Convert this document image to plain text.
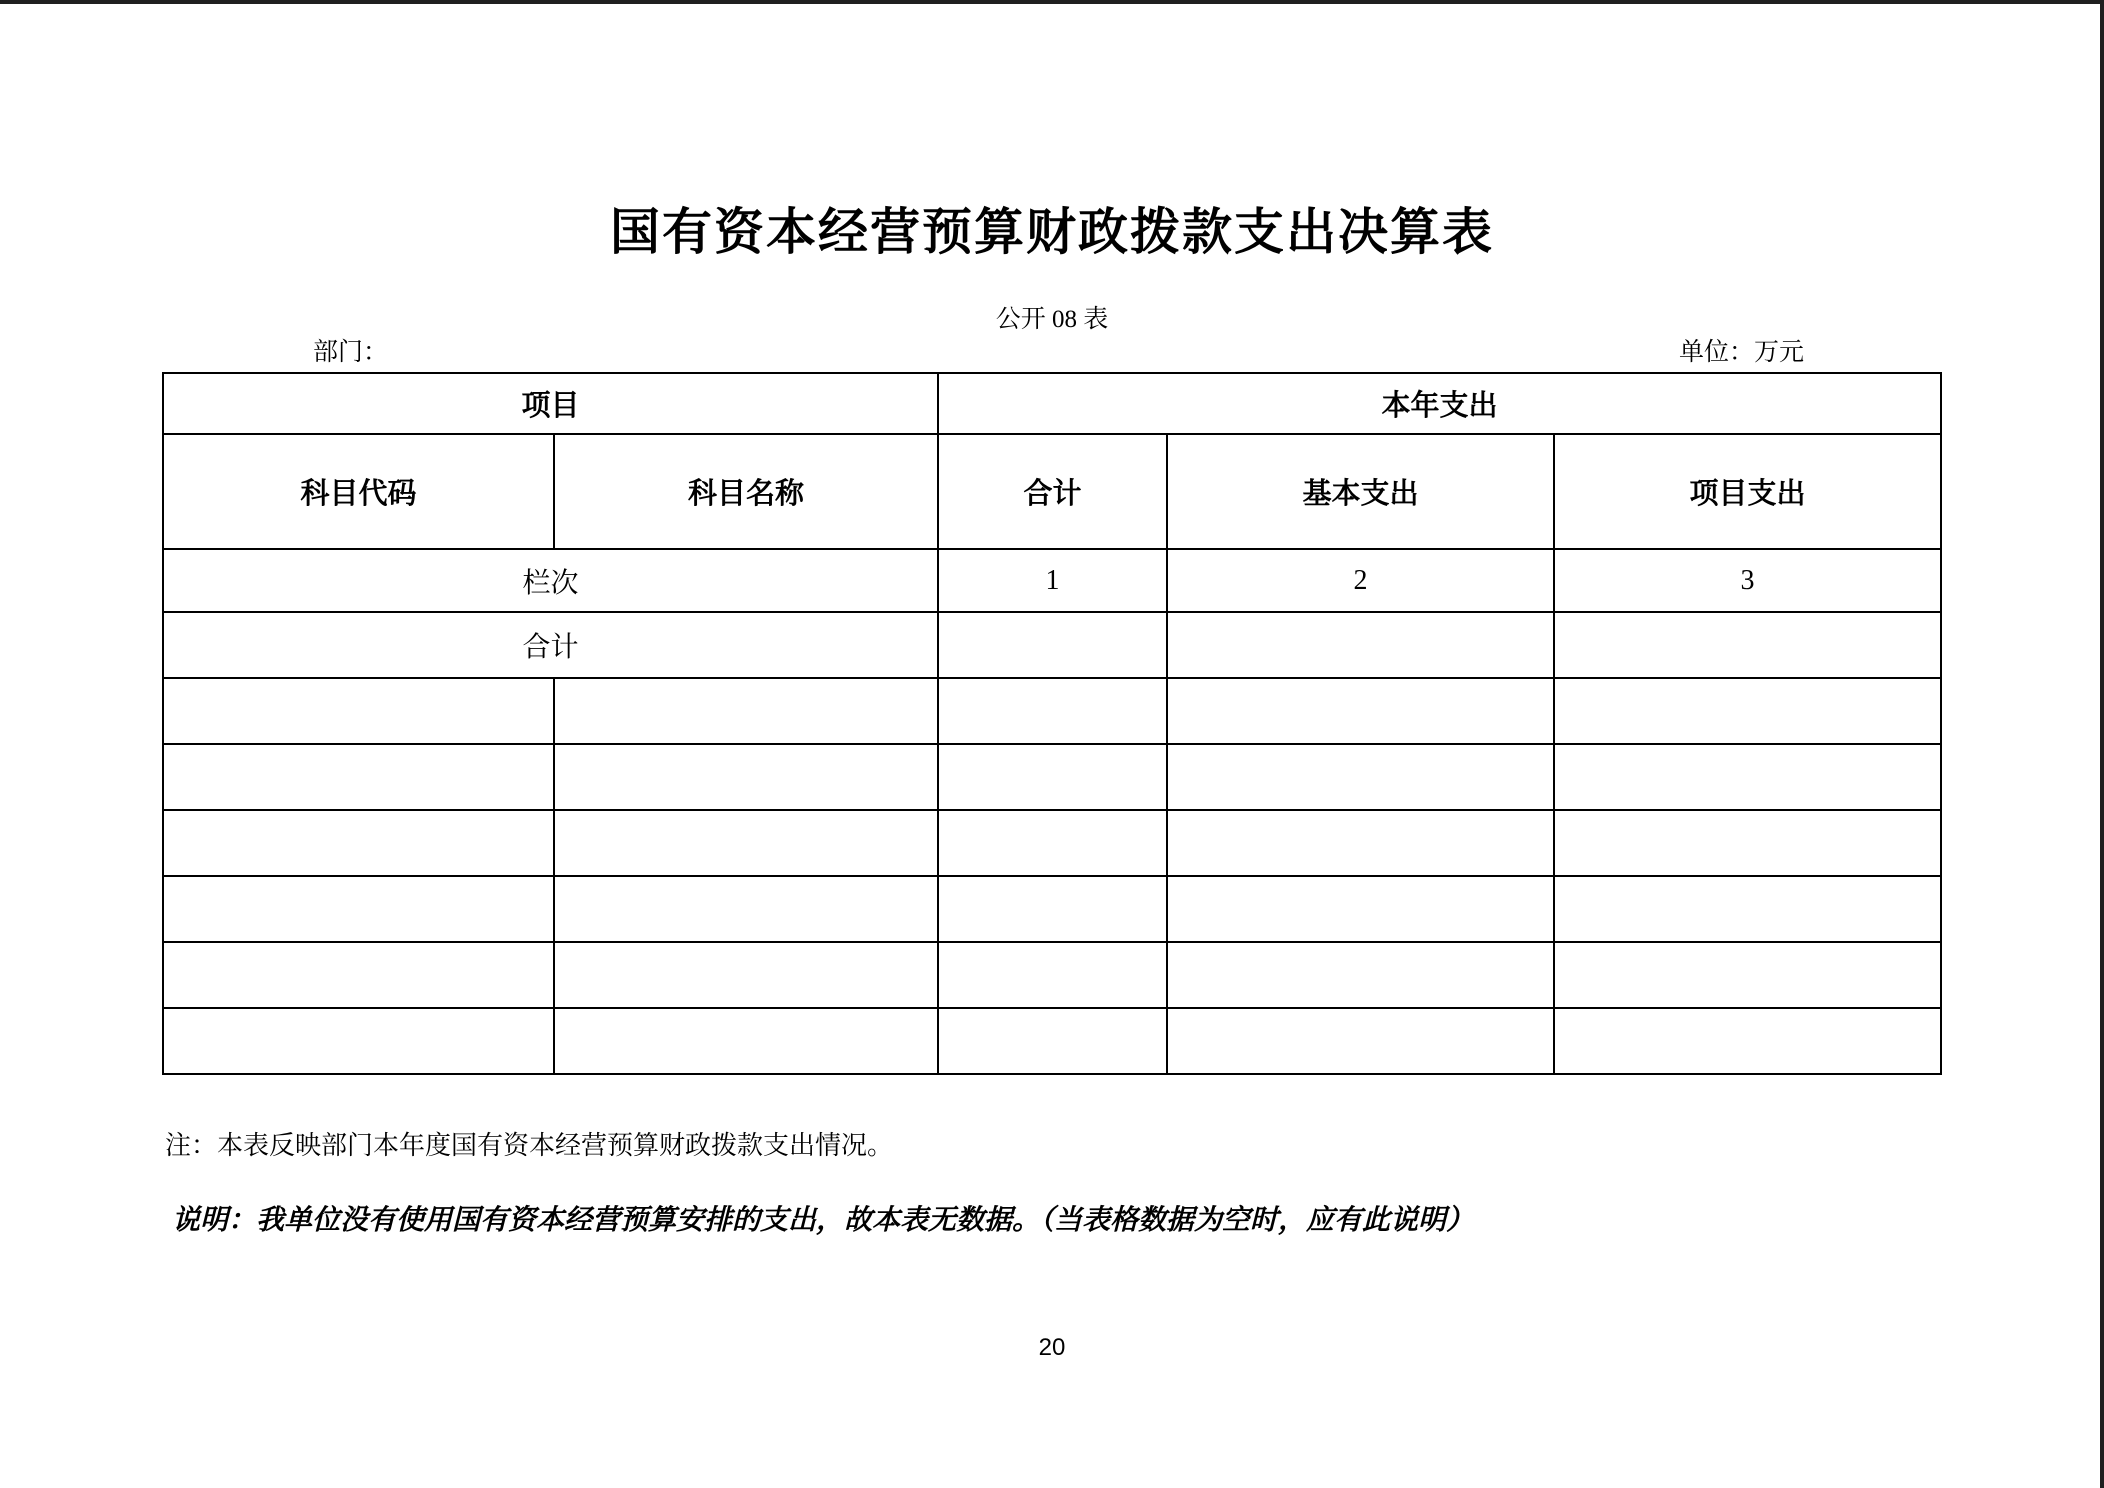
国有资本经营预算财政拨款支出决算表
公开 08 表
部门：	单位：万元
项目		本年支出		
科目代码	科目名称	合计	基本支出	项目支出
栏次		1	2	3
合计				

注：本表反映部门本年度国有资本经营预算财政拨款支出情况。
说明：我单位没有使用国有资本经营预算安排的支出，故本表无数据。（当表格数据为空时，应有此说明）
20
